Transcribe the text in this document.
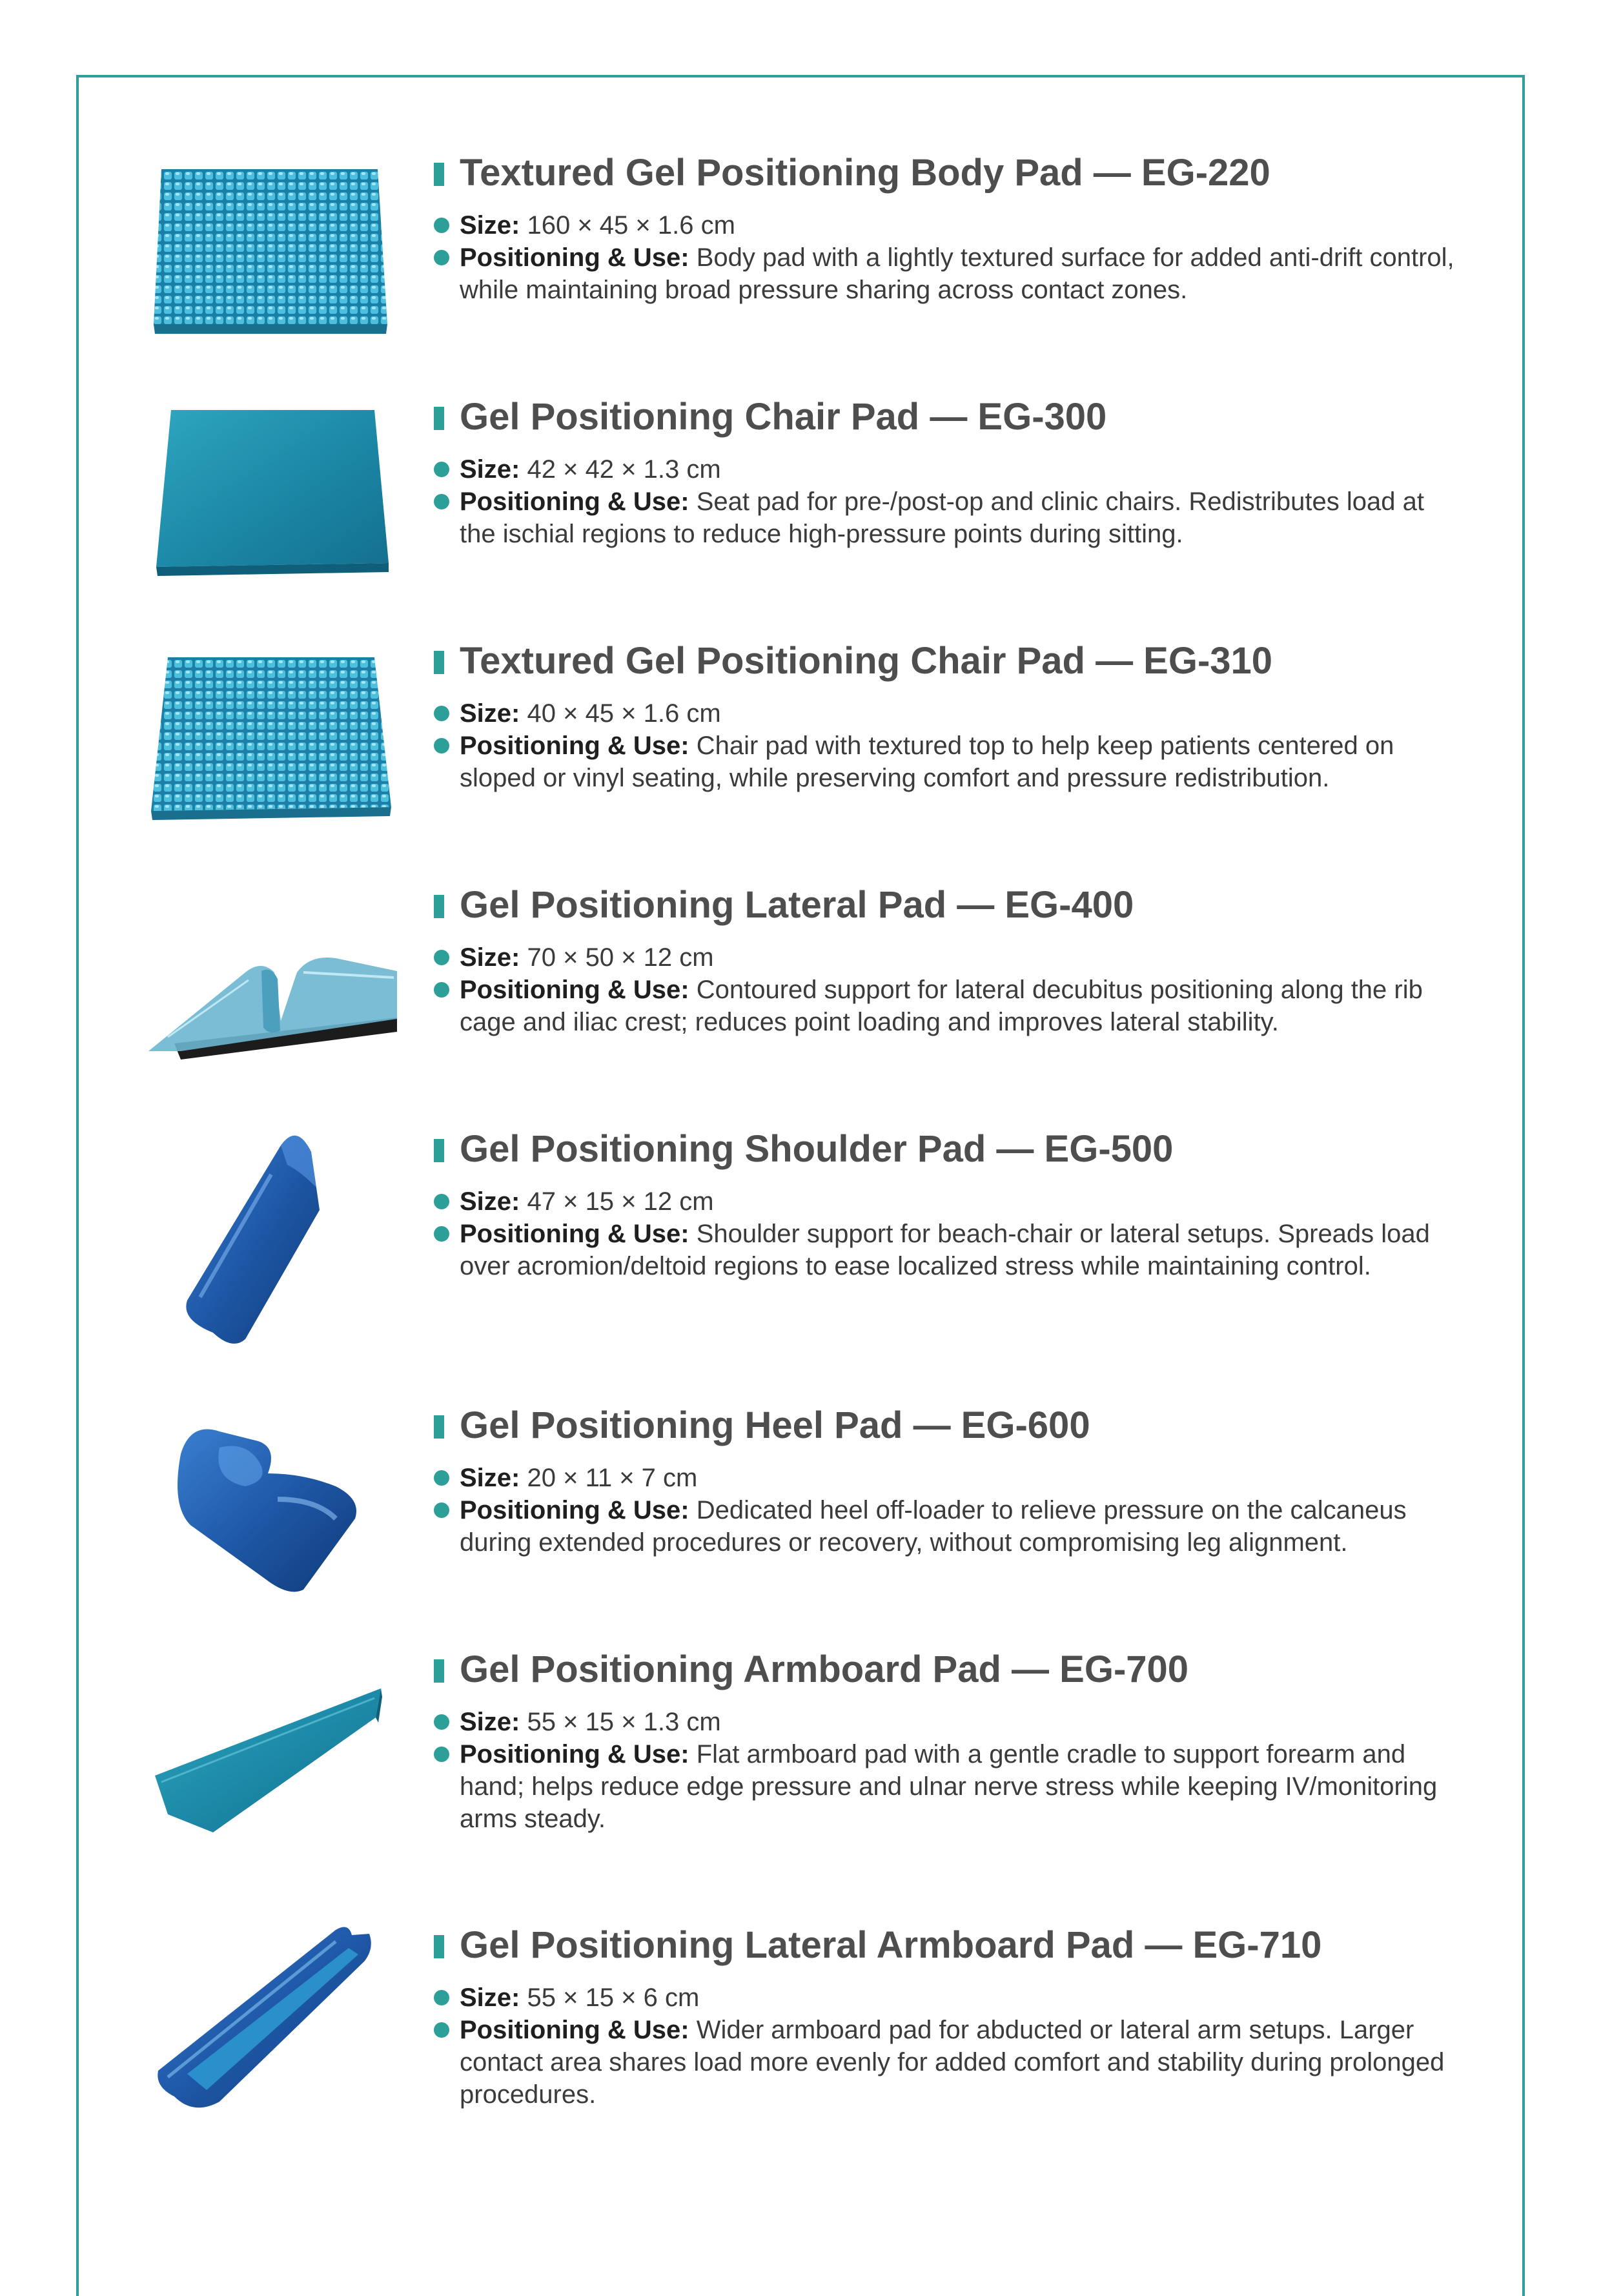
Textured Gel Positioning Body Pad — EG-220
Size: 160 × 45 × 1.6 cm
Positioning & Use: Body pad with a lightly textured surface for added anti-drift control, while maintaining broad pressure sharing across contact zones.
Gel Positioning Chair Pad — EG-300
Size: 42 × 42 × 1.3 cm
Positioning & Use: Seat pad for pre-/post-op and clinic chairs. Redistributes load at the ischial regions to reduce high-pressure points during sitting.
Textured Gel Positioning Chair Pad — EG-310
Size: 40 × 45 × 1.6 cm
Positioning & Use: Chair pad with textured top to help keep patients centered on sloped or vinyl seating, while preserving comfort and pressure redistribution.
Gel Positioning Lateral Pad — EG-400
Size: 70 × 50 × 12 cm
Positioning & Use: Contoured support for lateral decubitus positioning along the rib cage and iliac crest; reduces point loading and improves lateral stability.
Gel Positioning Shoulder Pad — EG-500
Size: 47 × 15 × 12 cm
Positioning & Use: Shoulder support for beach-chair or lateral setups. Spreads load over acromion/deltoid regions to ease localized stress while maintaining control.
Gel Positioning Heel Pad — EG-600
Size: 20 × 11 × 7 cm
Positioning & Use: Dedicated heel off-loader to relieve pressure on the calcaneus during extended procedures or recovery, without compromising leg alignment.
Gel Positioning Armboard Pad — EG-700
Size: 55 × 15 × 1.3 cm
Positioning & Use: Flat armboard pad with a gentle cradle to support forearm and hand; helps reduce edge pressure and ulnar nerve stress while keeping IV/monitoring arms steady.
Gel Positioning Lateral Armboard Pad — EG-710
Size: 55 × 15 × 6 cm
Positioning & Use: Wider armboard pad for abducted or lateral arm setups. Larger contact area shares load more evenly for added comfort and stability during prolonged procedures.
